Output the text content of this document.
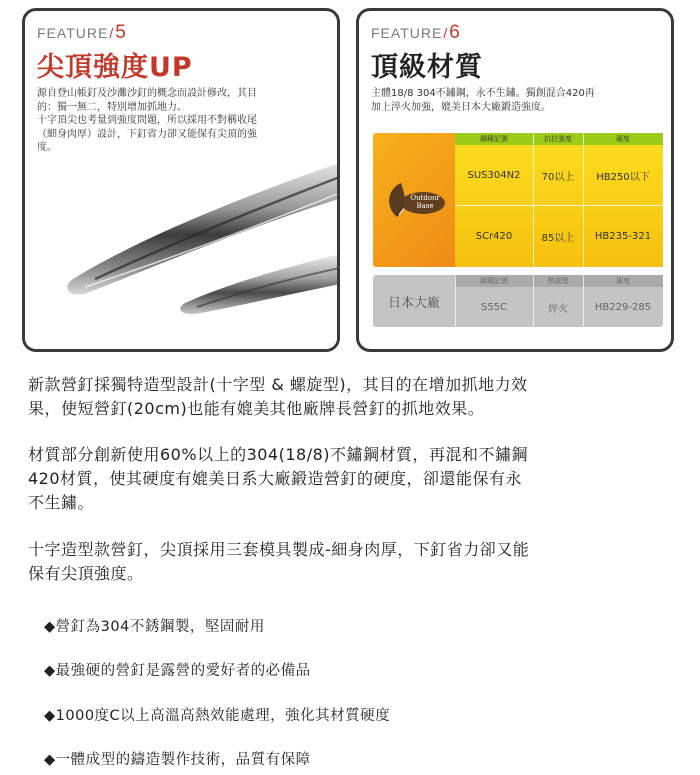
FEATURE/5
尖頂強度UP

源自登山帳釘及沙灘沙釘的概念而設計修改，其目
的：獨一無二，特別增加抓地力。
十字頂尖也考量到強度問題，所以採用不對稱收尾
（細身肉厚）設計，下釘省力卻又能保有尖頂的強
度。

FEATURE/6
頂級材質

主體18/8 304不鏽鋼，永不生鏽。獨創混合420再
加上淬火加強，媲美日本大廠鍛造強度。

Outdoor Base
鋼種記號	抗拉強度	硬度
SUS304N2	70以上	HB250以下
SCr420	85以上	HB235-321
鋼種記號	熱處理	硬度
日本大廠	S55C	焠火	HB229-285

新款營釘採獨特造型設計(十字型 & 螺旋型)，其目的在增加抓地力效
果，使短營釘(20cm)也能有媲美其他廠牌長營釘的抓地效果。

材質部分創新使用60%以上的304(18/8)不鏽鋼材質，再混和不鏽鋼
420材質，使其硬度有媲美日系大廠鍛造營釘的硬度，卻還能保有永
不生鏽。

十字造型款營釘，尖頂採用三套模具製成-細身肉厚，下釘省力卻又能
保有尖頂強度。

◆營釘為304不銹鋼製，堅固耐用

◆最強硬的營釘是露營的愛好者的必備品

◆1000度C以上高溫高熱效能處理，強化其材質硬度

◆一體成型的鑄造製作技術，品質有保障
